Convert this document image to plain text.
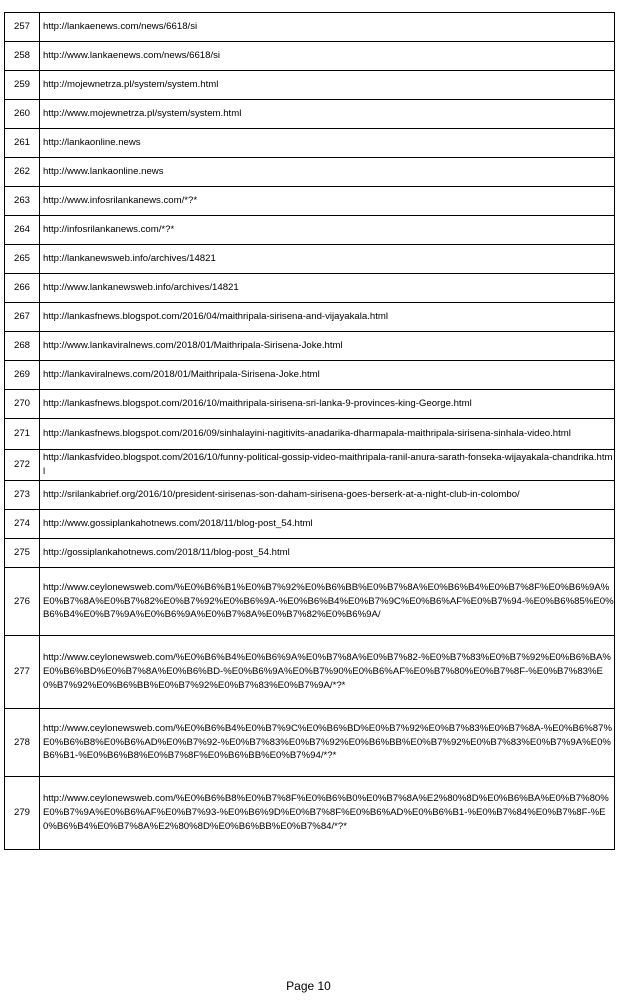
257	http://lankaenews.com/news/6618/si
258	http://www.lankaenews.com/news/6618/si
259	http://mojewnetrza.pl/system/system.html
260	http://www.mojewnetrza.pl/system/system.html
261	http://lankaonline.news
262	http://www.lankaonline.news
263	http://www.infosrilankanews.com/*?*
264	http://infosrilankanews.com/*?*
265	http://lankanewsweb.info/archives/14821
266	http://www.lankanewsweb.info/archives/14821
267	http://lankasfnews.blogspot.com/2016/04/maithripala-sirisena-and-vijayakala.html
268	http://www.lankaviralnews.com/2018/01/Maithripala-Sirisena-Joke.html
269	http://lankaviralnews.com/2018/01/Maithripala-Sirisena-Joke.html
270	http://lankasfnews.blogspot.com/2016/10/maithripala-sirisena-sri-lanka-9-provinces-king-George.html
271	http://lankasfnews.blogspot.com/2016/09/sinhalayini-nagitivits-anadarika-dharmapala-maithripala-sirisena-sinhala-video.html
272	http://lankasfvideo.blogspot.com/2016/10/funny-political-gossip-video-maithripala-ranil-anura-sarath-fonseka-wijayakala-chandrika.html
273	http://srilankabrief.org/2016/10/president-sirisenas-son-daham-sirisena-goes-berserk-at-a-night-club-in-colombo/
274	http://www.gossiplankahotnews.com/2018/11/blog-post_54.html
275	http://gossiplankahotnews.com/2018/11/blog-post_54.html
276	http://www.ceylonewsweb.com/%E0%B6%B1%E0%B7%92%E0%B6%BB%E0%B7%8A%E0%B6%B4%E0%B7%8F%E0%B6%9A%E0%B7%8A%E0%B7%82%E0%B7%92%E0%B6%9A-%E0%B6%B4%E0%B7%9C%E0%B6%AF%E0%B7%94-%E0%B6%85%E0%B6%B4%E0%B7%9A%E0%B6%9A%E0%B7%8A%E0%B7%82%E0%B6%9A/
277	http://www.ceylonewsweb.com/%E0%B6%B4%E0%B6%9A%E0%B7%8A%E0%B7%82-%E0%B7%83%E0%B7%92%E0%B6%BA%E0%B6%BD%E0%B7%8A%E0%B6%BD-%E0%B6%9A%E0%B7%90%E0%B6%AF%E0%B7%80%E0%B7%8F-%E0%B7%83%E0%B7%92%E0%B6%BB%E0%B7%92%E0%B7%83%E0%B7%9A/*?*
278	http://www.ceylonewsweb.com/%E0%B6%B4%E0%B7%9C%E0%B6%BD%E0%B7%92%E0%B7%83%E0%B7%8A-%E0%B6%87%E0%B6%B8%E0%B6%AD%E0%B7%92-%E0%B7%83%E0%B7%92%E0%B6%BB%E0%B7%92%E0%B7%83%E0%B7%9A%E0%B6%B1-%E0%B6%B8%E0%B7%8F%E0%B6%BB%E0%B7%94/*?*
279	http://www.ceylonewsweb.com/%E0%B6%B8%E0%B7%8F%E0%B6%B0%E0%B7%8A%E2%80%8D%E0%B6%BA%E0%B7%80%E0%B7%9A%E0%B6%AF%E0%B7%93-%E0%B6%9D%E0%B7%8F%E0%B6%AD%E0%B6%B1-%E0%B7%84%E0%B7%8F-%E0%B6%B4%E0%B7%8A%E2%80%8D%E0%B6%BB%E0%B7%84/*?*
Page 10
